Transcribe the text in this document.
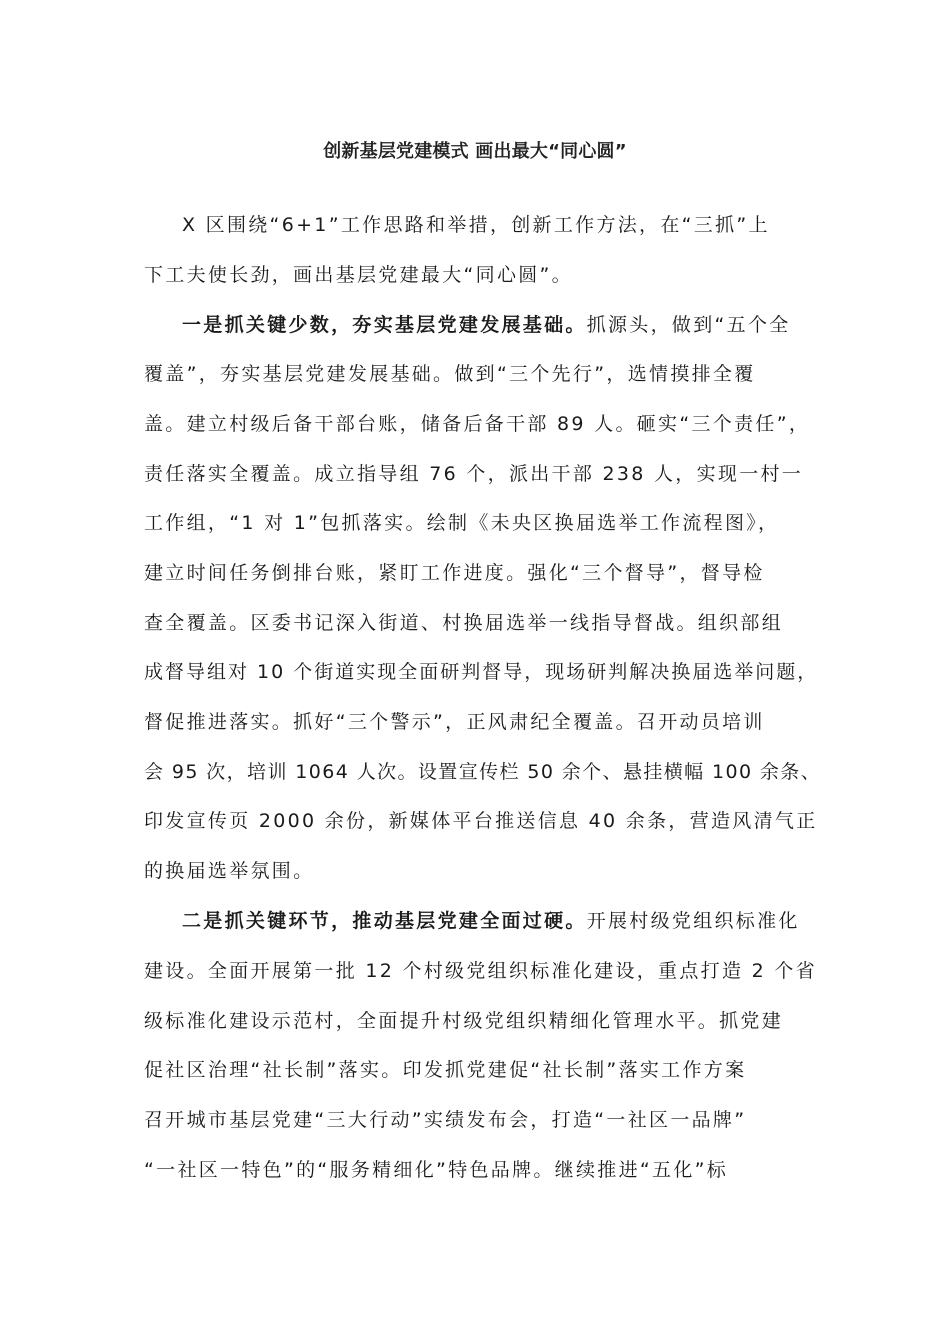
创新基层党建模式 画出最大“同心圆”
X 区围绕“6+1”工作思路和举措，创新工作方法，在“三抓”上
下工夫使长劲，画出基层党建最大“同心圆”。
一是抓关键少数，夯实基层党建发展基础。抓源头，做到“五个全
覆盖”，夯实基层党建发展基础。做到“三个先行”，选情摸排全覆
盖。建立村级后备干部台账，储备后备干部 89 人。砸实“三个责任”，
责任落实全覆盖。成立指导组 76 个，派出干部 238 人，实现一村一
工作组，“1 对 1”包抓落实。绘制《未央区换届选举工作流程图》，
建立时间任务倒排台账，紧盯工作进度。强化“三个督导”，督导检
查全覆盖。区委书记深入街道、村换届选举一线指导督战。组织部组
成督导组对 10 个街道实现全面研判督导，现场研判解决换届选举问题，
督促推进落实。抓好“三个警示”，正风肃纪全覆盖。召开动员培训
会 95 次，培训 1064 人次。设置宣传栏 50 余个、悬挂横幅 100 余条、
印发宣传页 2000 余份，新媒体平台推送信息 40 余条，营造风清气正
的换届选举氛围。
二是抓关键环节，推动基层党建全面过硬。开展村级党组织标准化
建设。全面开展第一批 12 个村级党组织标准化建设，重点打造 2 个省
级标准化建设示范村，全面提升村级党组织精细化管理水平。抓党建
促社区治理“社长制”落实。印发抓党建促“社长制”落实工作方案
召开城市基层党建“三大行动”实绩发布会，打造“一社区一品牌”
“一社区一特色”的“服务精细化”特色品牌。继续推进“五化”标
